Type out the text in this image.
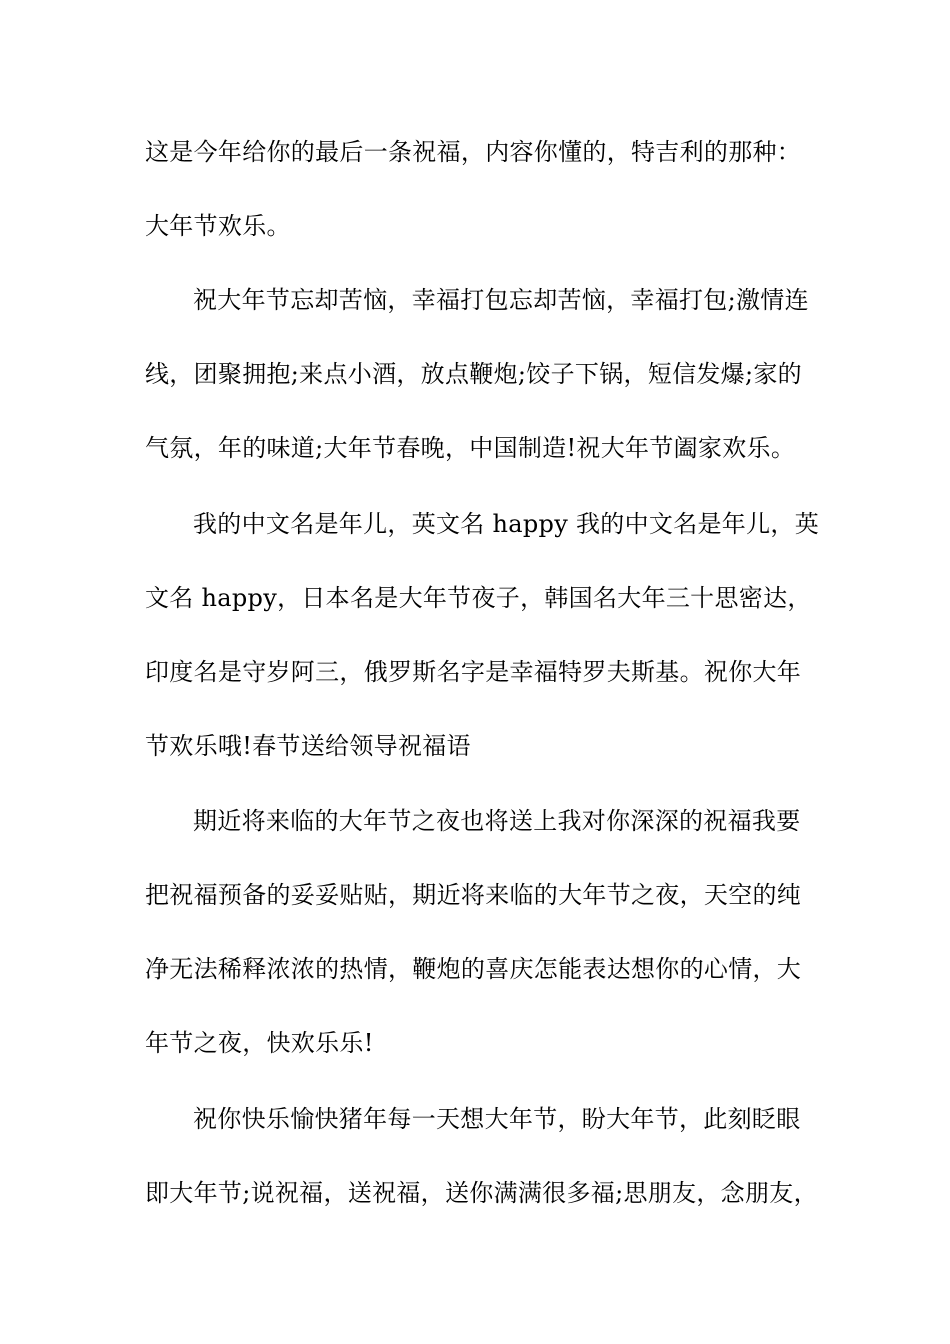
这是今年给你的最后一条祝福，内容你懂的，特吉利的那种：
大年节欢乐。
祝大年节忘却苦恼，幸福打包忘却苦恼，幸福打包;激情连
线，团聚拥抱;来点小酒，放点鞭炮;饺子下锅，短信发爆;家的
气氛，年的味道;大年节春晚，中国制造!祝大年节阖家欢乐。
我的中文名是年儿，英文名 happy 我的中文名是年儿，英
文名 happy，日本名是大年节夜子，韩国名大年三十思密达，
印度名是守岁阿三，俄罗斯名字是幸福特罗夫斯基。祝你大年
节欢乐哦!春节送给领导祝福语
期近将来临的大年节之夜也将送上我对你深深的祝福我要
把祝福预备的妥妥贴贴，期近将来临的大年节之夜，天空的纯
净无法稀释浓浓的热情，鞭炮的喜庆怎能表达想你的心情，大
年节之夜，快欢乐乐!
祝你快乐愉快猪年每一天想大年节，盼大年节，此刻眨眼
即大年节;说祝福，送祝福，送你满满很多福;思朋友，念朋友，
